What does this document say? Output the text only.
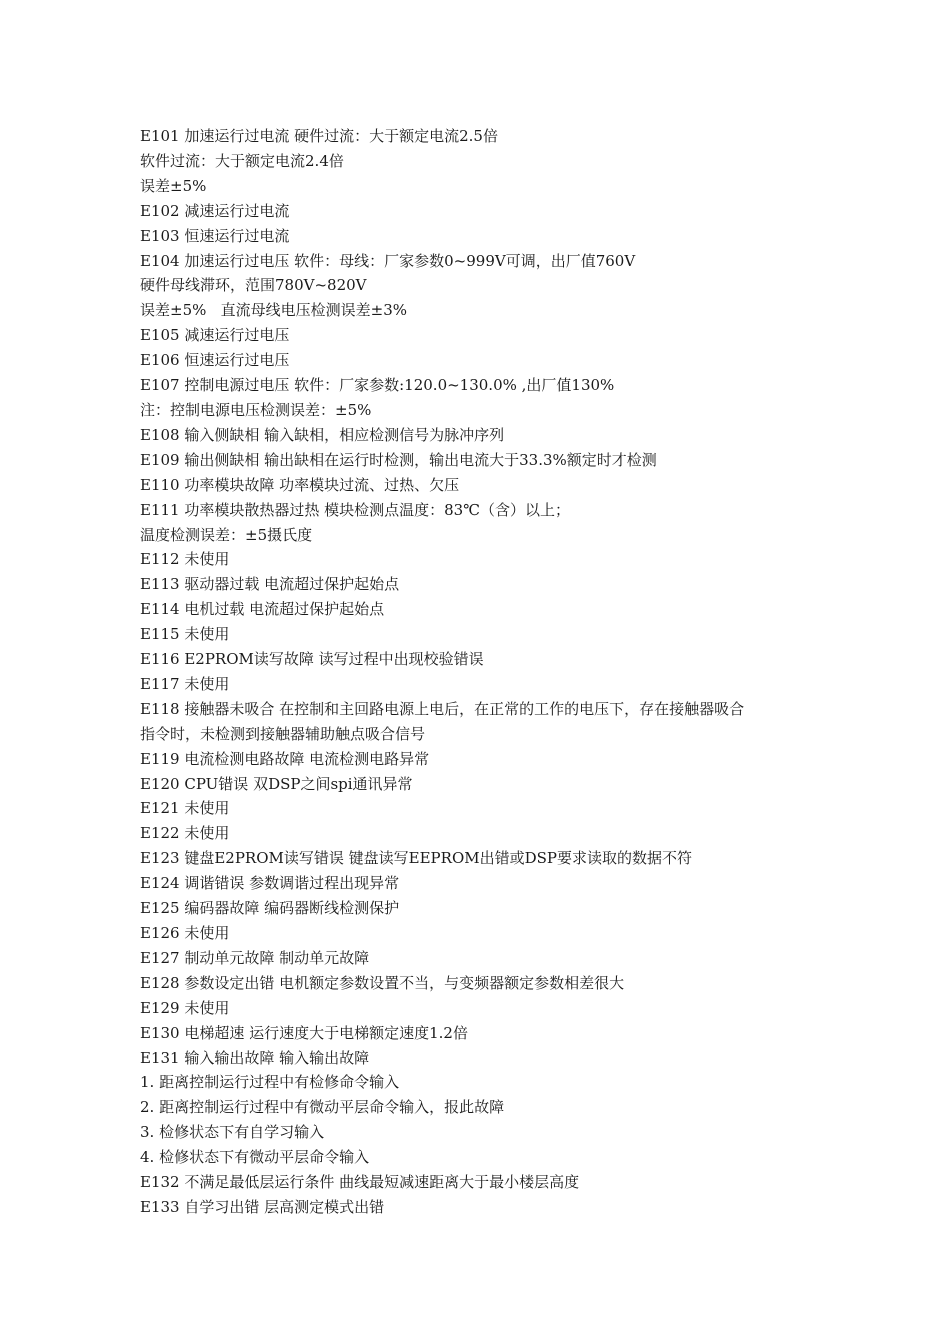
E101 加速运行过电流 硬件过流：大于额定电流2.5倍

软件过流：大于额定电流2.4倍

误差±5%

E102 减速运行过电流

E103 恒速运行过电流

E104 加速运行过电压 软件：母线：厂家参数0~999V可调，出厂值760V

硬件母线滞环，范围780V~820V

误差±5%   直流母线电压检测误差±3%

E105 减速运行过电压

E106 恒速运行过电压

E107 控制电源过电压 软件：厂家参数:120.0~130.0% ,出厂值130%

注：控制电源电压检测误差：±5%

E108 输入侧缺相 输入缺相，相应检测信号为脉冲序列

E109 输出侧缺相 输出缺相在运行时检测，输出电流大于33.3%额定时才检测

E110 功率模块故障 功率模块过流、过热、欠压

E111 功率模块散热器过热 模块检测点温度：83℃（含）以上；

温度检测误差：±5摄氏度

E112 未使用

E113 驱动器过载 电流超过保护起始点

E114 电机过载 电流超过保护起始点

E115 未使用

E116 E2PROM读写故障 读写过程中出现校验错误

E117 未使用

E118 接触器未吸合 在控制和主回路电源上电后，在正常的工作的电压下，存在接触器吸合

指令时，未检测到接触器辅助触点吸合信号

E119 电流检测电路故障 电流检测电路异常

E120 CPU错误 双DSP之间spi通讯异常

E121 未使用

E122 未使用

E123 键盘E2PROM读写错误 键盘读写EEPROM出错或DSP要求读取的数据不符

E124 调谐错误 参数调谐过程出现异常

E125 编码器故障 编码器断线检测保护

E126 未使用

E127 制动单元故障 制动单元故障

E128 参数设定出错 电机额定参数设置不当，与变频器额定参数相差很大

E129 未使用

E130 电梯超速 运行速度大于电梯额定速度1.2倍

E131 输入输出故障 输入输出故障

1. 距离控制运行过程中有检修命令输入

2. 距离控制运行过程中有微动平层命令输入，报此故障

3. 检修状态下有自学习输入

4. 检修状态下有微动平层命令输入

E132 不满足最低层运行条件 曲线最短减速距离大于最小楼层高度

E133 自学习出错 层高测定模式出错
